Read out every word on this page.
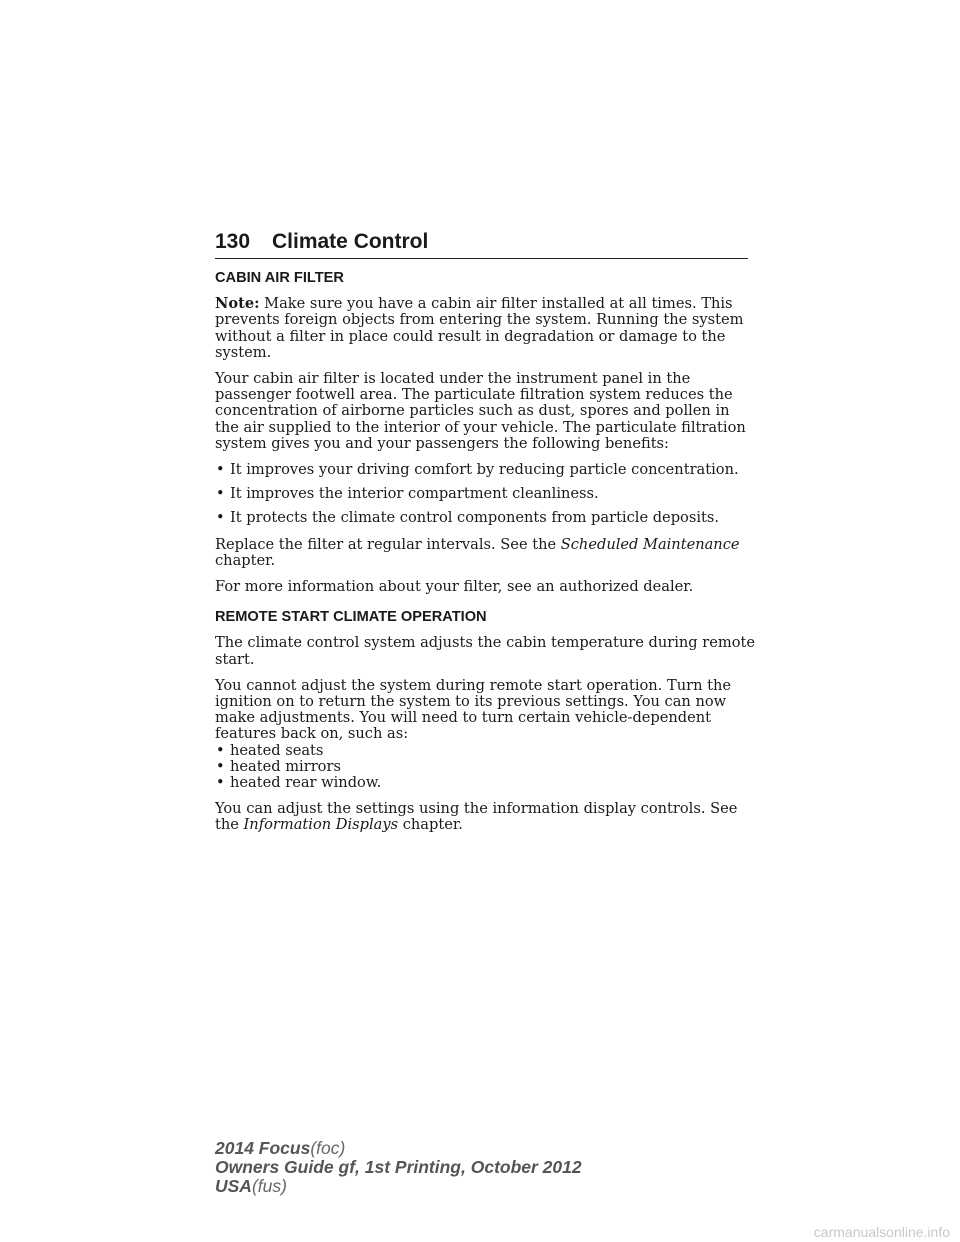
130 Climate Control
CABIN AIR FILTER

Note: Make sure you have a cabin air filter installed at all times. This prevents foreign objects from entering the system. Running the system without a filter in place could result in degradation or damage to the system.

Your cabin air filter is located under the instrument panel in the passenger footwell area. The particulate filtration system reduces the concentration of airborne particles such as dust, spores and pollen in the air supplied to the interior of your vehicle. The particulate filtration system gives you and your passengers the following benefits:

• It improves your driving comfort by reducing particle concentration.
• It improves the interior compartment cleanliness.
• It protects the climate control components from particle deposits.

Replace the filter at regular intervals. See the Scheduled Maintenance chapter.

For more information about your filter, see an authorized dealer.

REMOTE START CLIMATE OPERATION

The climate control system adjusts the cabin temperature during remote start.

You cannot adjust the system during remote start operation. Turn the ignition on to return the system to its previous settings. You can now make adjustments. You will need to turn certain vehicle-dependent features back on, such as:

• heated seats
• heated mirrors
• heated rear window.

You can adjust the settings using the information display controls. See the Information Displays chapter.

2014 Focus(foc)
Owners Guide gf, 1st Printing, October 2012
USA(fus)
carmanualsonline.info
